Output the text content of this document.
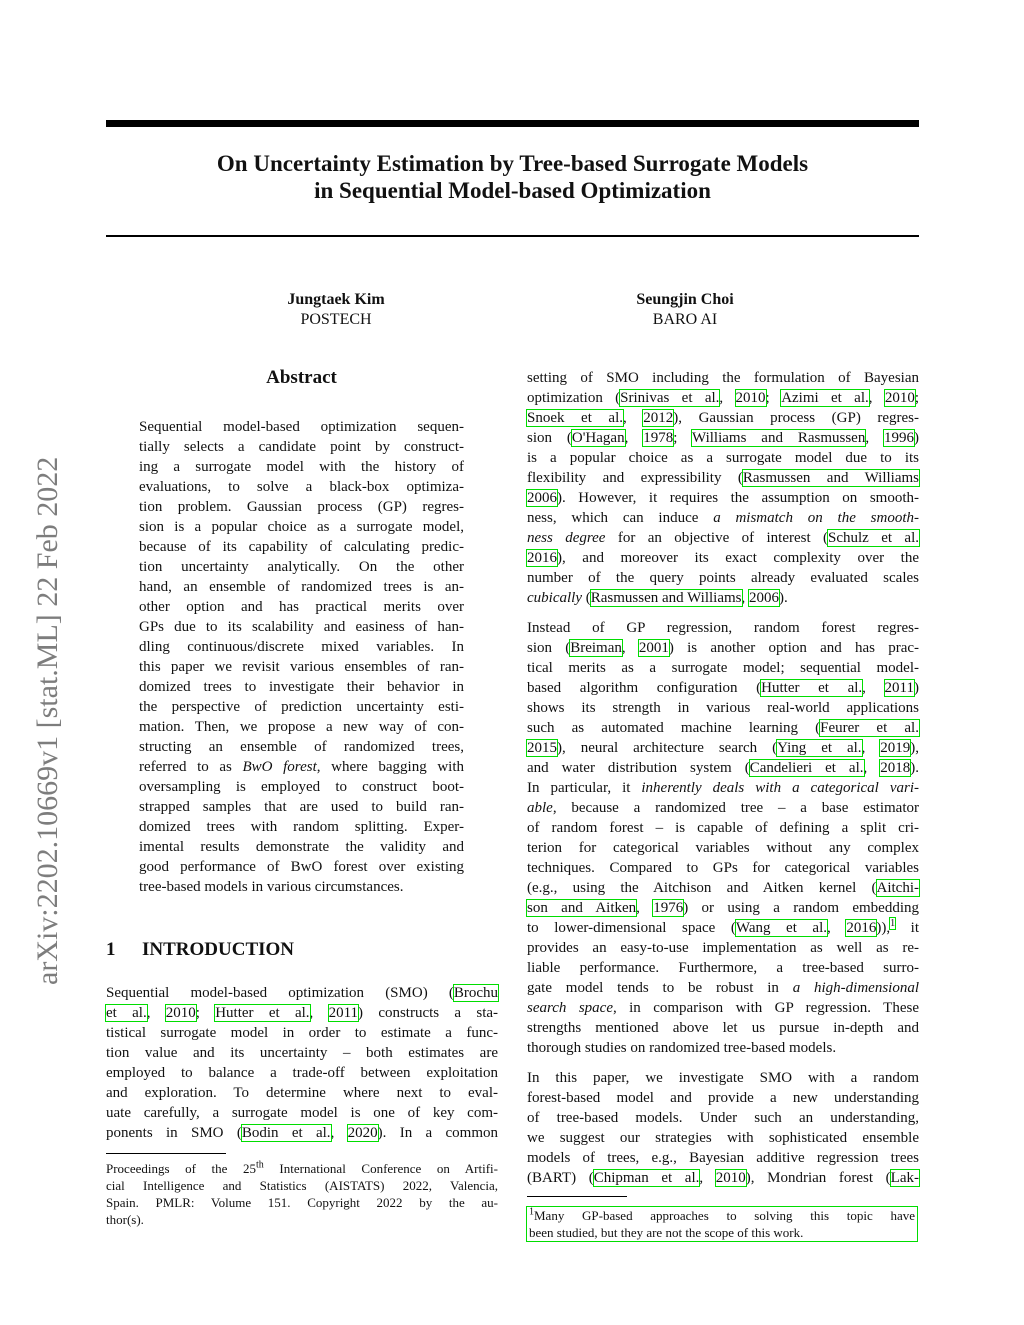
arXiv:2202.10669v1 [stat.ML] 22 Feb 2022
On Uncertainty Estimation by Tree-based Surrogate Models
in Sequential Model-based Optimization
Jungtaek Kim
POSTECH
Seungjin Choi
BARO AI
Abstract
Sequential model-based optimization sequen-
tially selects a candidate point by construct-
ing a surrogate model with the history of
evaluations, to solve a black-box optimiza-
tion problem. Gaussian process (GP) regres-
sion is a popular choice as a surrogate model,
because of its capability of calculating predic-
tion uncertainty analytically. On the other
hand, an ensemble of randomized trees is an-
other option and has practical merits over
GPs due to its scalability and easiness of han-
dling continuous/discrete mixed variables. In
this paper we revisit various ensembles of ran-
domized trees to investigate their behavior in
the perspective of prediction uncertainty esti-
mation. Then, we propose a new way of con-
structing an ensemble of randomized trees,
referred to as BwO forest, where bagging with
oversampling is employed to construct boot-
strapped samples that are used to build ran-
domized trees with random splitting. Exper-
imental results demonstrate the validity and
good performance of BwO forest over existing
tree-based models in various circumstances.
1 INTRODUCTION
Sequential model-based optimization (SMO) (Brochu
et al., 2010; Hutter et al., 2011) constructs a sta-
tistical surrogate model in order to estimate a func-
tion value and its uncertainty – both estimates are
employed to balance a trade-off between exploitation
and exploration. To determine where next to eval-
uate carefully, a surrogate model is one of key com-
ponents in SMO (Bodin et al., 2020). In a common
Proceedings of the 25th International Conference on Artifi-
cial Intelligence and Statistics (AISTATS) 2022, Valencia,
Spain. PMLR: Volume 151. Copyright 2022 by the au-
thor(s).
setting of SMO including the formulation of Bayesian
optimization (Srinivas et al., 2010; Azimi et al., 2010;
Snoek et al., 2012), Gaussian process (GP) regres-
sion (O'Hagan, 1978; Williams and Rasmussen, 1996)
is a popular choice as a surrogate model due to its
flexibility and expressibility (Rasmussen and Williams
2006). However, it requires the assumption on smooth-
ness, which can induce a mismatch on the smooth-
ness degree for an objective of interest (Schulz et al.
2016), and moreover its exact complexity over the
number of the query points already evaluated scales
cubically (Rasmussen and Williams, 2006).
Instead of GP regression, random forest regres-
sion (Breiman, 2001) is another option and has prac-
tical merits as a surrogate model; sequential model-
based algorithm configuration (Hutter et al., 2011)
shows its strength in various real-world applications
such as automated machine learning (Feurer et al.
2015), neural architecture search (Ying et al., 2019),
and water distribution system (Candelieri et al., 2018).
In particular, it inherently deals with a categorical vari-
able, because a randomized tree – a base estimator
of random forest – is capable of defining a split cri-
terion for categorical variables without any complex
techniques. Compared to GPs for categorical variables
(e.g., using the Aitchison and Aitken kernel (Aitchi-
son and Aitken, 1976) or using a random embedding
to lower-dimensional space (Wang et al., 2016)),$^1$ it
provides an easy-to-use implementation as well as re-
liable performance. Furthermore, a tree-based surro-
gate model tends to be robust in a high-dimensional
search space, in comparison with GP regression. These
strengths mentioned above let us pursue in-depth and
thorough studies on randomized tree-based models.
In this paper, we investigate SMO with a random
forest-based model and provide a new understanding
of tree-based models. Under such an understanding,
we suggest our strategies with sophisticated ensemble
models of trees, e.g., Bayesian additive regression trees
(BART) (Chipman et al., 2010), Mondrian forest (Lak-
$^1$Many GP-based approaches to solving this topic have
been studied, but they are not the scope of this work.
